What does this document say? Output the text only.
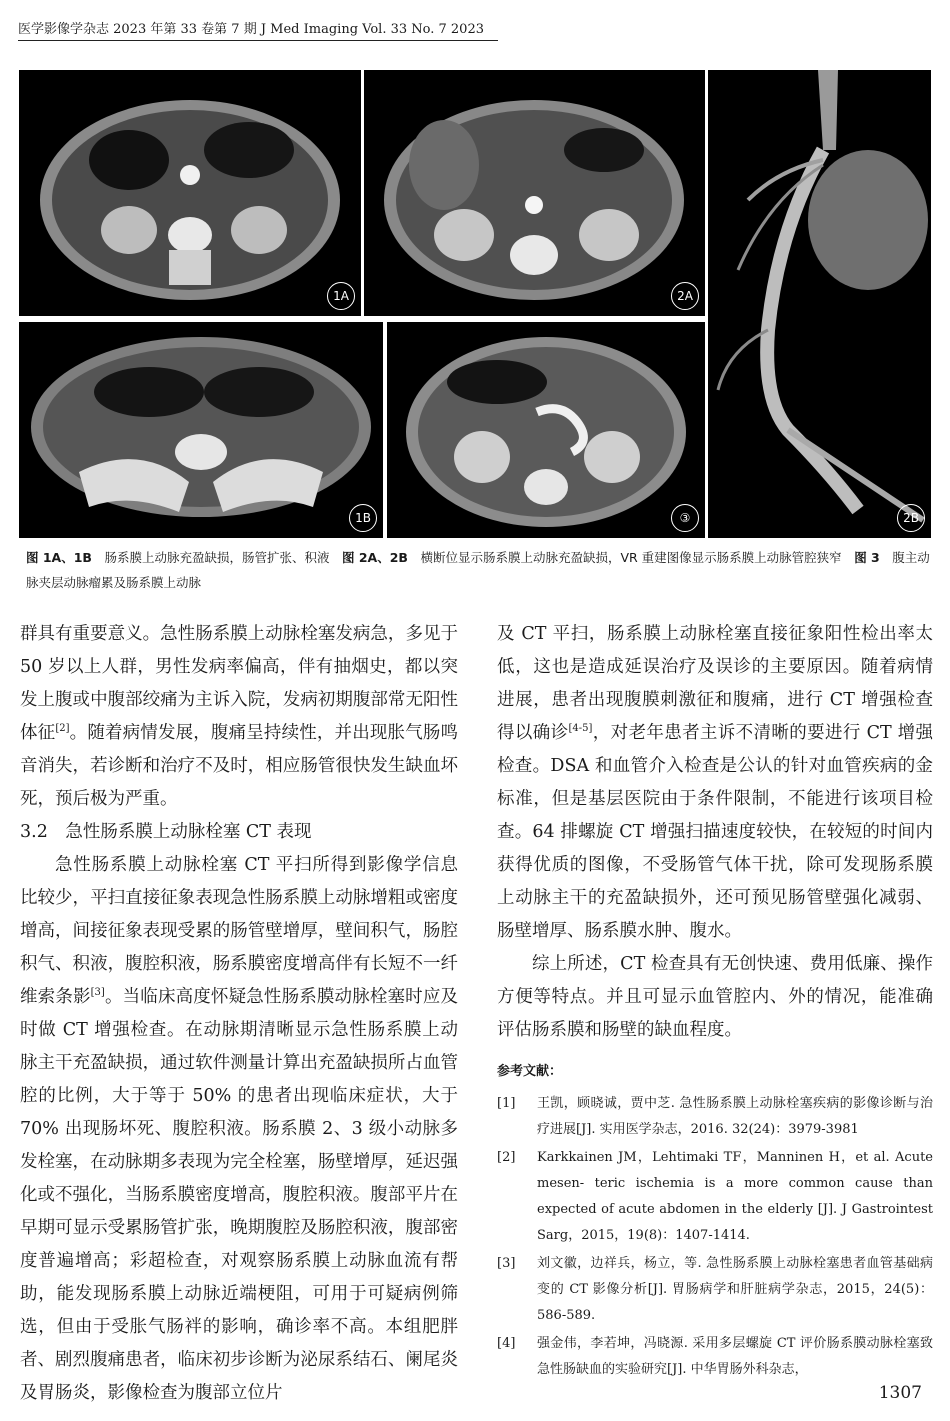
医学影像学杂志 2023 年第 33 卷第 7 期 J Med Imaging Vol. 33 No. 7 2023
1A	2A
1B	③	2B
图 1A、1B　 肠系膜上动脉充盈缺损，肠管扩张、积液　 图 2A、2B　 横断位显示肠系膜上动脉充盈缺损，VR 重建图像显示肠系膜上动脉管腔狭窄　 图 3　 腹主动脉夹层动脉瘤累及肠系膜上动脉

群具有重要意义。急性肠系膜上动脉栓塞发病急，多见于 50 岁以上人群，男性发病率偏高，伴有抽烟史，都以突发上腹或中腹部绞痛为主诉入院，发病初期腹部常无阳性体征[2]。随着病情发展，腹痛呈持续性，并出现胀气肠鸣音消失，若诊断和治疗不及时，相应肠管很快发生缺血坏死，预后极为严重。

3.2　急性肠系膜上动脉栓塞 CT 表现

急性肠系膜上动脉栓塞 CT 平扫所得到影像学信息比较少，平扫直接征象表现急性肠系膜上动脉增粗或密度增高，间接征象表现受累的肠管壁增厚，壁间积气，肠腔积气、积液，腹腔积液，肠系膜密度增高伴有长短不一纤维索条影[3]。当临床高度怀疑急性肠系膜动脉栓塞时应及时做 CT 增强检查。在动脉期清晰显示急性肠系膜上动脉主干充盈缺损，通过软件测量计算出充盈缺损所占血管腔的比例，大于等于 50% 的患者出现临床症状，大于 70% 出现肠坏死、腹腔积液。肠系膜 2、3 级小动脉多发栓塞，在动脉期多表现为完全栓塞，肠壁增厚，延迟强化或不强化，当肠系膜密度增高，腹腔积液。腹部平片在早期可显示受累肠管扩张，晚期腹腔及肠腔积液，腹部密度普遍增高；彩超检查，对观察肠系膜上动脉血流有帮助，能发现肠系膜上动脉近端梗阻，可用于可疑病例筛选，但由于受胀气肠袢的影响，确诊率不高。本组肥胖者、剧烈腹痛患者，临床初步诊断为泌尿系结石、阑尾炎及胃肠炎，影像检查为腹部立位片

及 CT 平扫，肠系膜上动脉栓塞直接征象阳性检出率太低，这也是造成延误治疗及误诊的主要原因。随着病情进展，患者出现腹膜刺激征和腹痛，进行 CT 增强检查得以确诊[4-5]，对老年患者主诉不清晰的要进行 CT 增强检查。DSA 和血管介入检查是公认的针对血管疾病的金标准，但是基层医院由于条件限制，不能进行该项目检查。64 排螺旋 CT 增强扫描速度较快，在较短的时间内获得优质的图像，不受肠管气体干扰，除可发现肠系膜上动脉主干的充盈缺损外，还可预见肠管壁强化减弱、肠壁增厚、肠系膜水肿、腹水。

综上所述，CT 检查具有无创快速、费用低廉、操作方便等特点。并且可显示血管腔内、外的情况，能准确评估肠系膜和肠壁的缺血程度。

参考文献：
[1]	王凯，顾晓诚，贾中芝. 急性肠系膜上动脉栓塞疾病的影像诊断与治疗进展[J]. 实用医学杂志，2016. 32(24)：3979-3981
[2]	Karkkainen JM，Lehtimaki TF，Manninen H，et al. Acute mesen- teric ischemia is a more common cause than expected of acute abdomen in the elderly [J]. J Gastrointest Sarg，2015，19(8)：1407-1414.
[3]	刘文徽，边祥兵，杨立，等. 急性肠系膜上动脉栓塞患者血管基础病变的 CT 影像分析[J]. 胃肠病学和肝脏病学杂志，2015，24(5)：586-589.
[4]	强金伟，李若坤，冯晓源. 采用多层螺旋 CT 评价肠系膜动脉栓塞致急性肠缺血的实验研究[J]. 中华胃肠外科杂志，
1307
